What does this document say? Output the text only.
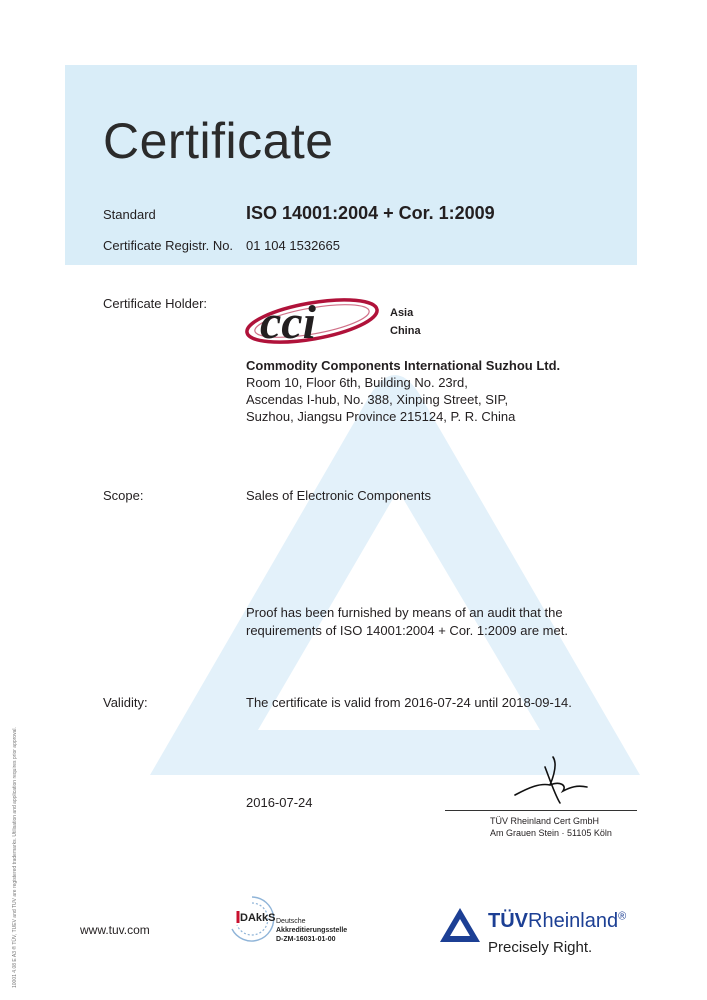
Certificate
Standard	ISO 14001:2004 + Cor. 1:2009
Certificate Registr. No. 01 104 1532665
Certificate Holder: cci	Asia
China
Commodity Components International Suzhou Ltd.
Room 10, Floor 6th, Building No. 23rd,
Ascendas I-hub, No. 388, Xinping Street, SIP,
Suzhou, Jiangsu Province 215124, P. R. China
Scope:	Sales of Electronic Components
Proof has been furnished by means of an audit that the
requirements of ISO 14001:2004 + Cor. 1:2009 are met.
Validity:	The certificate is valid from 2016-07-24 until 2018-09-14.
2016-07-24
TÜV Rheinland Cert GmbH
Am Grauen Stein · 51105 Köln
10001 4.08 E A3 ® TÜV, TUEV and TUV are registered trademarks. Utilisation and application requires prior approval.	www.tuv.com
DAkkS Deutsche
Akkreditierungsstelle
D-ZM-16031-01-00
TÜVRheinland®
Precisely Right.
